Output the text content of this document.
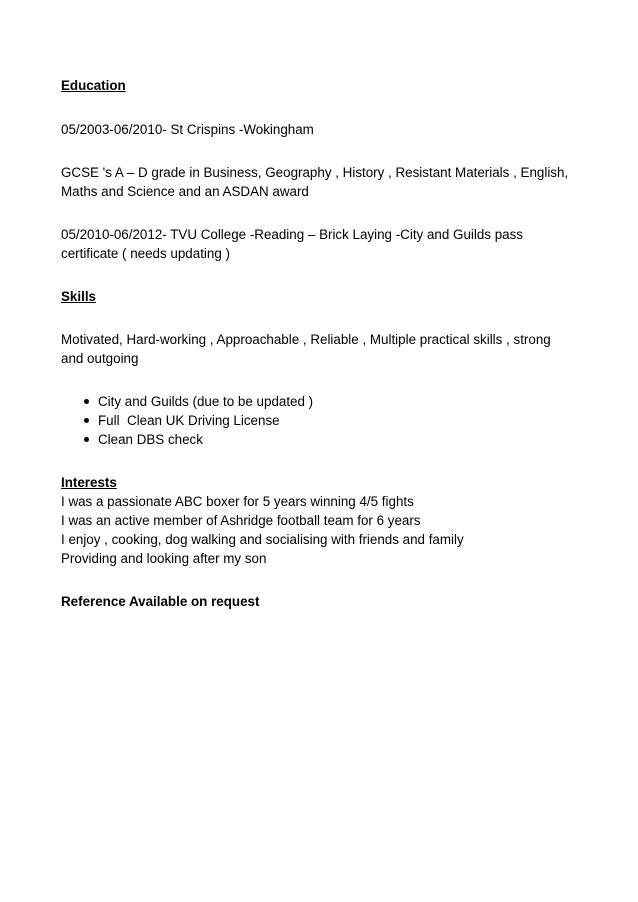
Education
05/2003-06/2010- St Crispins -Wokingham
GCSE 's A – D grade in Business, Geography , History , Resistant Materials , English, Maths and Science and an ASDAN award
05/2010-06/2012- TVU College -Reading – Brick Laying -City and Guilds pass certificate ( needs updating )
Skills
Motivated, Hard-working , Approachable , Reliable , Multiple practical skills , strong and outgoing
City and Guilds (due to be updated )
Full  Clean UK Driving License
Clean DBS check
Interests
I was a passionate ABC boxer for 5 years winning 4/5 fights
I was an active member of Ashridge football team for 6 years
I enjoy , cooking, dog walking and socialising with friends and family
Providing and looking after my son
Reference Available on request
